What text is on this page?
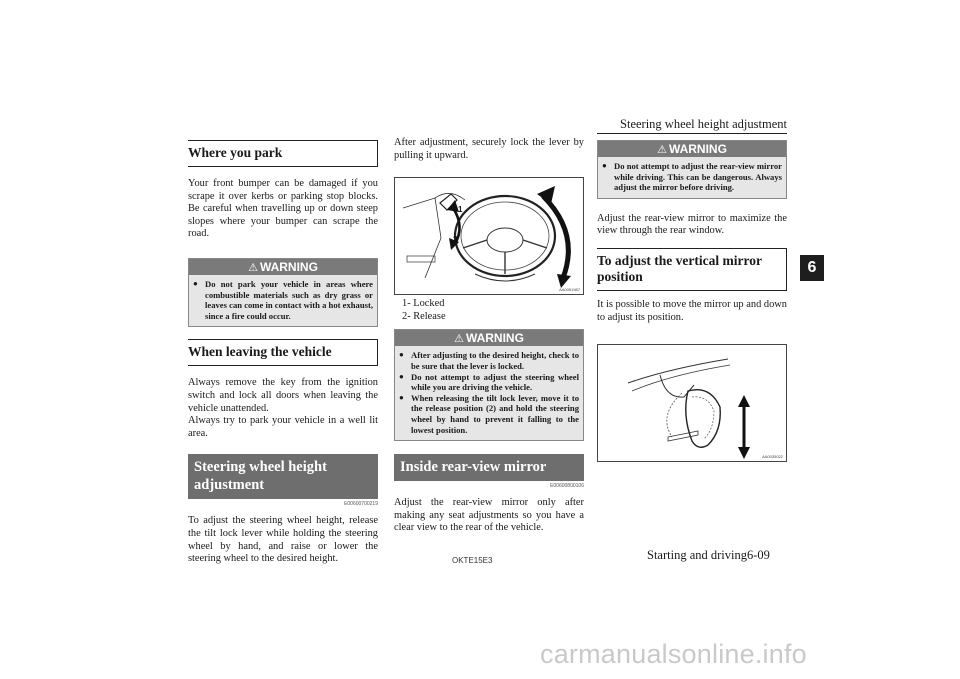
Steering wheel height adjustment
6
Where you park

Your front bumper can be damaged if you scrape it over kerbs or parking stop blocks. Be careful when travelling up or down steep slopes where your bumper can scrape the road.

⚠ WARNING
● Do not park your vehicle in areas where combustible materials such as dry grass or leaves can come in contact with a hot exhaust, since a fire could occur.
When leaving the vehicle

Always remove the key from the ignition switch and lock all doors when leaving the vehicle unattended.

Always try to park your vehicle in a well lit area.

Steering wheel height adjustment
E00600700219

To adjust the steering wheel height, release the tilt lock lever while holding the steering wheel by hand, and raise or lower the steering wheel to the desired height.

After adjustment, securely lock the lever by pulling it upward.

1
2
AA0051987
1- Locked
2- Release
⚠ WARNING
● After adjusting to the desired height, check to be sure that the lever is locked.
● Do not attempt to adjust the steering wheel while you are driving the vehicle.
● When releasing the tilt lock lever, move it to the release position (2) and hold the steering wheel by hand to prevent it falling to the lowest position.
Inside rear-view mirror
E00600800106

Adjust the rear-view mirror only after making any seat adjustments so you have a clear view to the rear of the vehicle.

⚠ WARNING
● Do not attempt to adjust the rear-view mirror while driving. This can be dangerous. Always adjust the mirror before driving.

Adjust the rear-view mirror to maximize the view through the rear window.

To adjust the vertical mirror position

It is possible to move the mirror up and down to adjust its position.

AA0035022
OKTE15E3	Starting and driving 6-09
carmanualsonline.info
